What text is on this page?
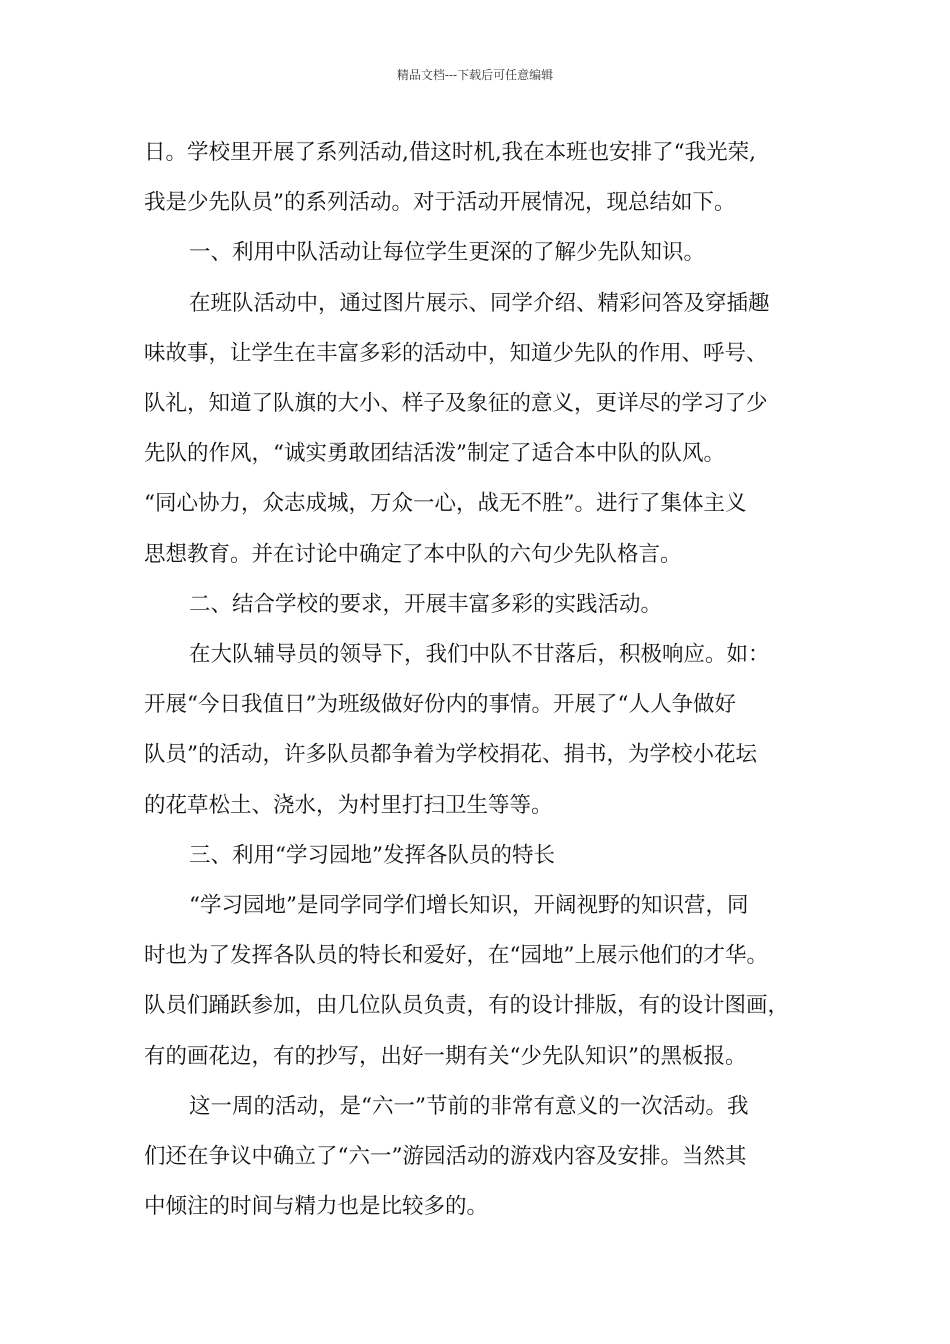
精品文档---下载后可任意编辑
日。学校里开展了系列活动,借这时机,我在本班也安排了“我光荣,
我是少先队员”的系列活动。对于活动开展情况，现总结如下。
一、利用中队活动让每位学生更深的了解少先队知识。
在班队活动中，通过图片展示、同学介绍、精彩问答及穿插趣
味故事，让学生在丰富多彩的活动中，知道少先队的作用、呼号、
队礼，知道了队旗的大小、样子及象征的意义，更详尽的学习了少
先队的作风，“诚实勇敢团结活泼”制定了适合本中队的队风。
“同心协力，众志成城，万众一心，战无不胜”。进行了集体主义
思想教育。并在讨论中确定了本中队的六句少先队格言。
二、结合学校的要求，开展丰富多彩的实践活动。
在大队辅导员的领导下，我们中队不甘落后，积极响应。如：
开展“今日我值日”为班级做好份内的事情。开展了“人人争做好
队员”的活动，许多队员都争着为学校捐花、捐书，为学校小花坛
的花草松土、浇水，为村里打扫卫生等等。
三、利用“学习园地”发挥各队员的特长
“学习园地”是同学同学们增长知识，开阔视野的知识营，同
时也为了发挥各队员的特长和爱好，在“园地”上展示他们的才华。
队员们踊跃参加，由几位队员负责，有的设计排版，有的设计图画，
有的画花边，有的抄写，出好一期有关“少先队知识”的黑板报。
这一周的活动，是“六一”节前的非常有意义的一次活动。我
们还在争议中确立了“六一”游园活动的游戏内容及安排。当然其
中倾注的时间与精力也是比较多的。
